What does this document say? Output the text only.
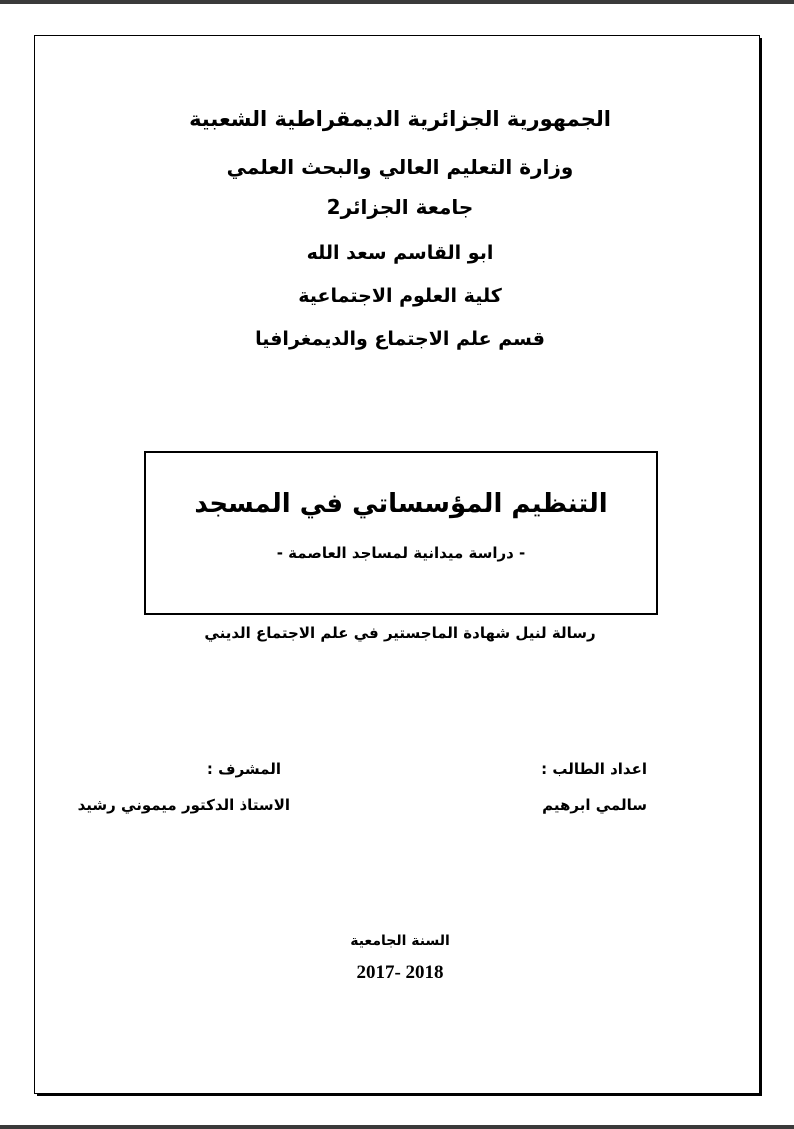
الجمهورية الجزائرية الديمقراطية الشعبية
وزارة التعليم العالي والبحث العلمي
جامعة الجزائر2
ابو القاسم سعد الله
كلية العلوم الاجتماعية
قسم علم الاجتماع والديمغرافيا
التنظيم المؤسساتي في المسجد
- دراسة ميدانية لمساجد العاصمة -
رسالة لنيل شهادة الماجستير في علم الاجتماع الديني
اعداد الطالب :
سالمي ابرهيم
المشرف :
الاستاذ الدكتور ميموني رشيد
السنة الجامعية
2017- 2018
